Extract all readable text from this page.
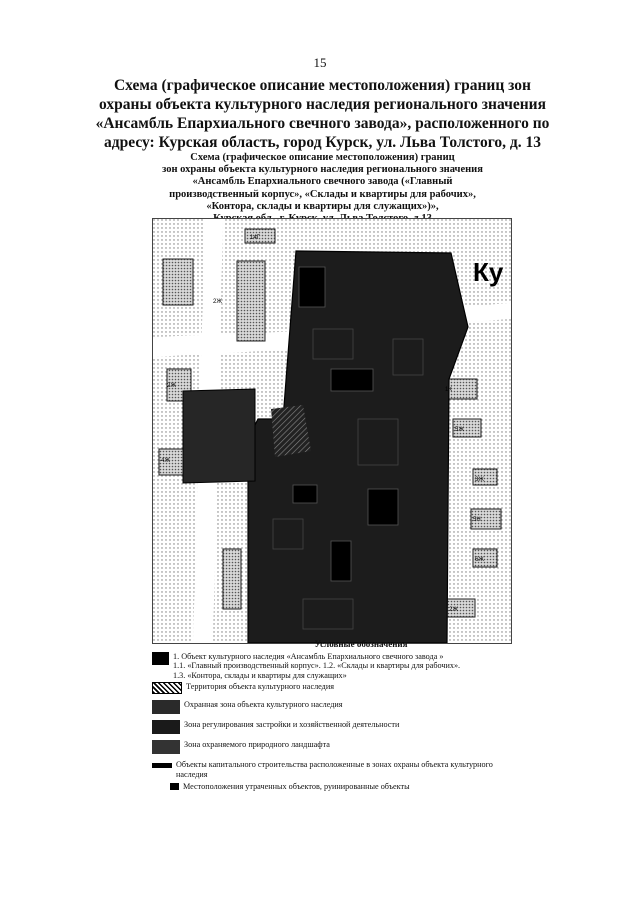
15
Схема (графическое описание местоположения) границ зон охраны объекта культурного наследия регионального значения «Ансамбль Епархиального свечного завода», расположенного по адресу: Курская область, город Курск, ул. Льва Толстого, д. 13
Схема (графическое описание местоположения) границ
зон охраны объекта культурного наследия регионального значения
«Ансамбль Епархиального свечного завода («Главный
производственный корпус», «Склады и квартиры для рабочих»,
«Контора, склады и квартиры для служащих»)»,
Ку
14Г
2Ж
1К
5Ж
3Ж
5Н
6Ж
2Ж
4Ж
2Ж
Условные обозначения
1. Объект культурного наследия «Ансамбль Епархиального свечного завода »
1.1. «Главный производственный корпус». 1.2. «Склады и квартиры для рабочих».
1.3. «Контора, склады и квартиры для служащих»
Территория объекта культурного наследия
Охранная зона объекта культурного наследия
Зона регулирования застройки и хозяйственной деятельности
Зона охраняемого природного ландшафта
Объекты капитального строительства расположенные в зонах охраны объекта культурного наследия
Местоположения утраченных объектов, руинированные объекты
